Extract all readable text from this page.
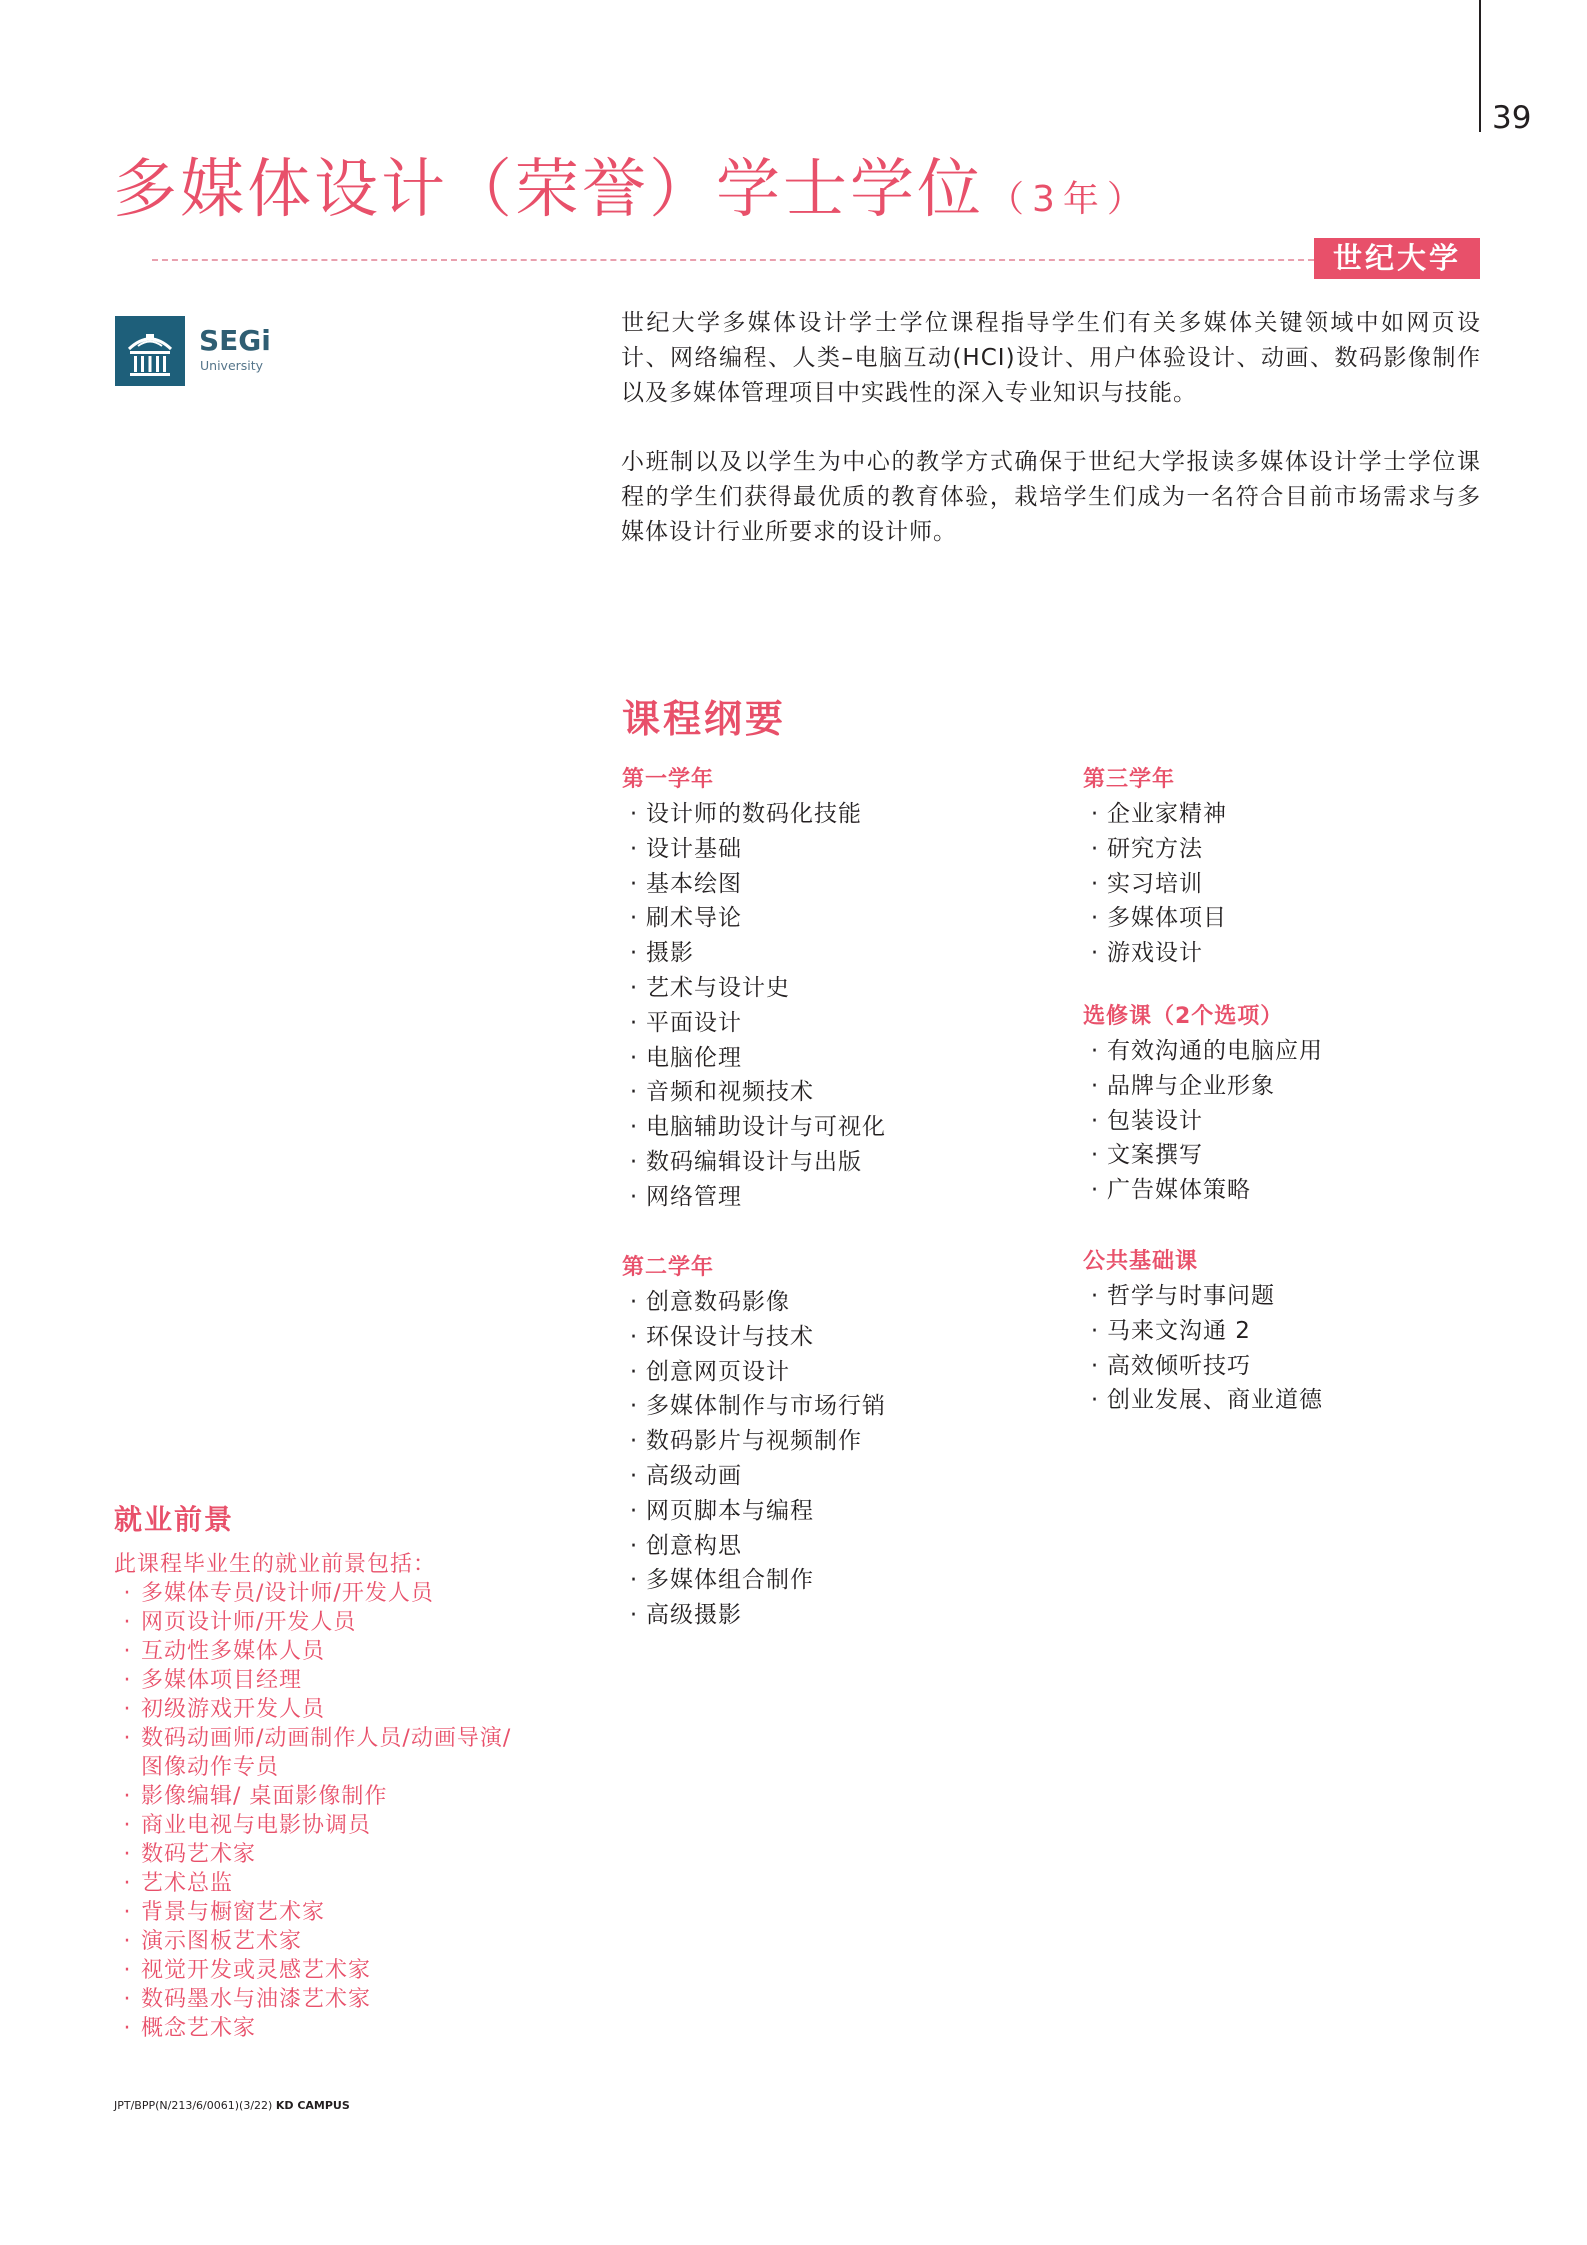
39
多媒体设计（荣誉）学士学位 （3年）
世纪大学
SEGi
University

世纪大学多媒体设计学士学位课程指导学生们有关多媒体关键领域中如网页设计、网络编程、人类–电脑互动(HCI)设计、用户体验设计、动画、数码影像制作以及多媒体管理项目中实践性的深入专业知识与技能。

小班制以及以学生为中心的教学方式确保于世纪大学报读多媒体设计学士学位课程的学生们获得最优质的教育体验，栽培学生们成为一名符合目前市场需求与多媒体设计行业所要求的设计师。

课程纲要
第一学年
· 设计师的数码化技能
· 设计基础
· 基本绘图
· 刷术导论
· 摄影
· 艺术与设计史
· 平面设计
· 电脑伦理
· 音频和视频技术
· 电脑辅助设计与可视化
· 数码编辑设计与出版
· 网络管理
第二学年
· 创意数码影像
· 环保设计与技术
· 创意网页设计
· 多媒体制作与市场行销
· 数码影片与视频制作
· 高级动画
· 网页脚本与编程
· 创意构思
· 多媒体组合制作
· 高级摄影
第三学年
· 企业家精神
· 研究方法
· 实习培训
· 多媒体项目
· 游戏设计
选修课（2个选项）
· 有效沟通的电脑应用
· 品牌与企业形象
· 包装设计
· 文案撰写
· 广告媒体策略
公共基础课
· 哲学与时事问题
· 马来文沟通 2
· 高效倾听技巧
· 创业发展、商业道德
就业前景

此课程毕业生的就业前景包括：

· 多媒体专员/设计师/开发人员
· 网页设计师/开发人员
· 互动性多媒体人员
· 多媒体项目经理
· 初级游戏开发人员
· 数码动画师/动画制作人员/动画导演/图像动作专员
· 影像编辑/ 桌面影像制作
· 商业电视与电影协调员
· 数码艺术家
· 艺术总监
· 背景与橱窗艺术家
· 演示图板艺术家
· 视觉开发或灵感艺术家
· 数码墨水与油漆艺术家
· 概念艺术家
JPT/BPP(N/213/6/0061)(3/22) KD CAMPUS
